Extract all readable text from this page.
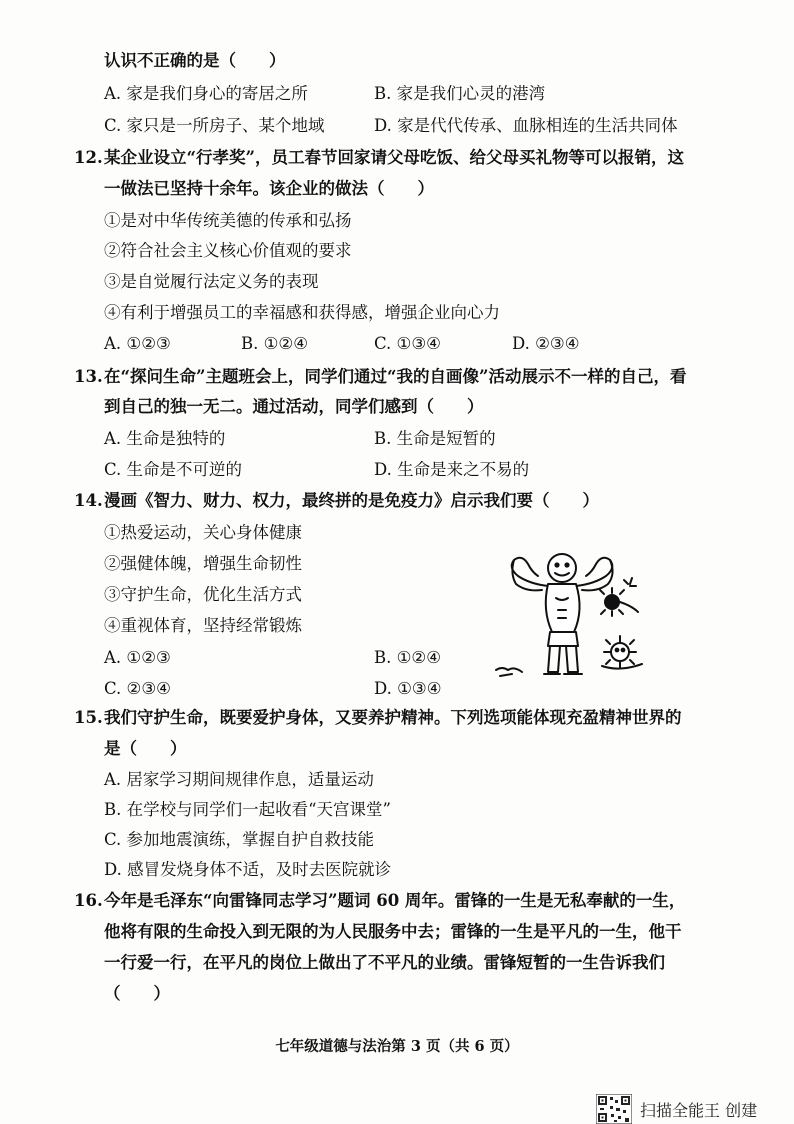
认识不正确的是（　　）
A. 家是我们身心的寄居之所	B. 家是我们心灵的港湾
C. 家只是一所房子、某个地域	D. 家是代代传承、血脉相连的生活共同体
12. 某企业设立“行孝奖”，员工春节回家请父母吃饭、给父母买礼物等可以报销，这
一做法已坚持十余年。该企业的做法（　　）
①是对中华传统美德的传承和弘扬
②符合社会主义核心价值观的要求
③是自觉履行法定义务的表现
④有利于增强员工的幸福感和获得感，增强企业向心力
A. ①②③	B. ①②④	C. ①③④	D. ②③④
13. 在“探问生命”主题班会上，同学们通过“我的自画像”活动展示不一样的自己，看
到自己的独一无二。通过活动，同学们感到（　　）
A. 生命是独特的	B. 生命是短暂的
C. 生命是不可逆的	D. 生命是来之不易的
14. 漫画《智力、财力、权力，最终拼的是免疫力》启示我们要（　　）
①热爱运动，关心身体健康
②强健体魄，增强生命韧性
③守护生命，优化生活方式
④重视体育，坚持经常锻炼
A. ①②③	B. ①②④
C. ②③④	D. ①③④
15. 我们守护生命，既要爱护身体，又要养护精神。下列选项能体现充盈精神世界的
是（　　）
A. 居家学习期间规律作息，适量运动
B. 在学校与同学们一起收看“天宫课堂”
C. 参加地震演练，掌握自护自救技能
D. 感冒发烧身体不适，及时去医院就诊
16. 今年是毛泽东“向雷锋同志学习”题词 60 周年。雷锋的一生是无私奉献的一生，
他将有限的生命投入到无限的为人民服务中去；雷锋的一生是平凡的一生，他干
一行爱一行，在平凡的岗位上做出了不平凡的业绩。雷锋短暂的一生告诉我们
（　　）
七年级道德与法治第 3 页（共 6 页）
扫描全能王 创建
